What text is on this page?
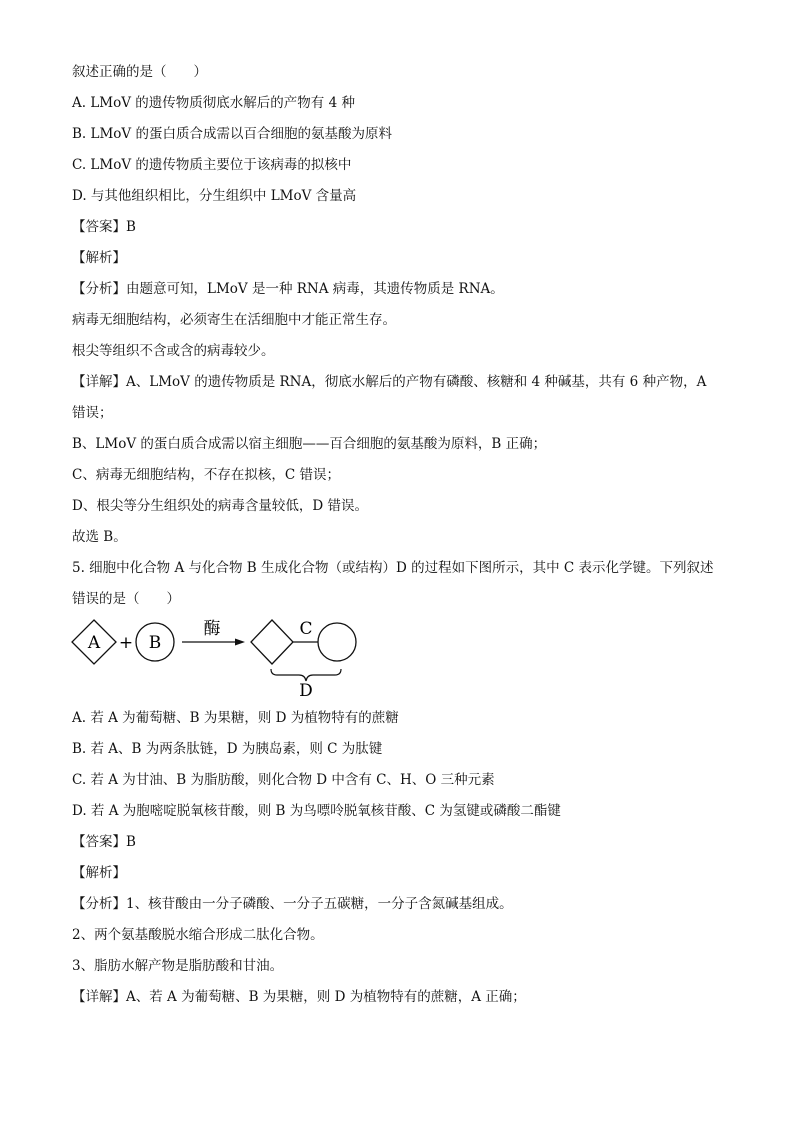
叙述正确的是（　　）

A. LMoV 的遗传物质彻底水解后的产物有 4 种

B. LMoV 的蛋白质合成需以百合细胞的氨基酸为原料

C. LMoV 的遗传物质主要位于该病毒的拟核中

D. 与其他组织相比，分生组织中 LMoV 含量高

【答案】B

【解析】

【分析】由题意可知，LMoV 是一种 RNA 病毒，其遗传物质是 RNA。

病毒无细胞结构，必须寄生在活细胞中才能正常生存。

根尖等组织不含或含的病毒较少。

【详解】A、LMoV 的遗传物质是 RNA，彻底水解后的产物有磷酸、核糖和 4 种碱基，共有 6 种产物，A

错误；

B、LMoV 的蛋白质合成需以宿主细胞——百合细胞的氨基酸为原料，B 正确；

C、病毒无细胞结构，不存在拟核，C 错误；

D、根尖等分生组织处的病毒含量较低，D 错误。

故选 B。

5. 细胞中化合物 A 与化合物 B 生成化合物（或结构）D 的过程如下图所示，其中 C 表示化学键。下列叙述

错误的是（　　）

A + B
酶	C
D

A. 若 A 为葡萄糖、B 为果糖，则 D 为植物特有的蔗糖

B. 若 A、B 为两条肽链，D 为胰岛素，则 C 为肽键

C. 若 A 为甘油、B 为脂肪酸，则化合物 D 中含有 C、H、O 三种元素

D. 若 A 为胞嘧啶脱氧核苷酸，则 B 为鸟嘌呤脱氧核苷酸、C 为氢键或磷酸二酯键

【答案】B

【解析】

【分析】1、核苷酸由一分子磷酸、一分子五碳糖，一分子含氮碱基组成。

2、两个氨基酸脱水缩合形成二肽化合物。

3、脂肪水解产物是脂肪酸和甘油。

【详解】A、若 A 为葡萄糖、B 为果糖，则 D 为植物特有的蔗糖，A 正确；
